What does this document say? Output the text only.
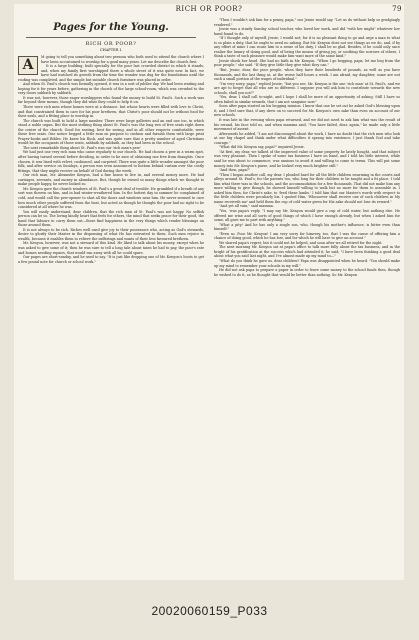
RICH OR POOR?	79
Pages for the Young.
RICH OR POOR?
CHAPTER I.
A	M going to tell you something about two persons who both used to attend the church where I have been accustomed to worship for a good many years. Let me describe the church first.

It is a large building, built specially for the poor last crowded district in which it stands; and, when my family first worshipped there a whole street of it was quite new. In fact, we have had watched its growth from the time the wonder was dug for the foundations until the roofing was completed, and the simple but suitable church furniture was placed in order.

And when St. Paul's church was formally opened, it was in a sort of jubilee day. We had been waiting and hoping for it for years before, gathering in the church of the large school-room, which was crowded to the very doors sabbath by sabbath.

It was not, however, those eager worshippers who found the money to build St. Paul's. Such a work was far beyond their means, though they did what they could to help it on.

There were rich men whose homes were at a distance, but whose hearts were filled with love to Christ, and that constrained them to care for his poor brethren, that Christ's poor should not be without food for their souls, and a fitting place to worship in.

The church was built to hold a large number. There were large galleries and an end one too, in which stood a noble organ. But the most striking thing about St. Paul's was the long row of free seats right down the centre of the church. Good for seating, best for seeing, and in all other respects comfortable, were these free seats. One notice begged a little sum on purpose to cushion and furnish them with large print Prayer-books and Bibles. He knew his flock, and was quite sure that a pretty number of aged Christians would be the occupants of those seats, sabbath by sabbath, as they had been in the school.

The next remarkable thing about St. Paul's was our 'rich man's pew.'

We had just one very rich man who came regularly to our church. He had chosen a pew in a warm spot, after having turned several before deciding, in order to be sure of obtaining one free from draughts. Once chosen, it was lined with velvet, cushioned, and carpeted. There was quite a little wonder amongst the poor folk, and after service on Sundays, a person was even announced to bottom behind curtain over the costly fittings, that they might receive on behalf of God during the week.

Our rich man, Mr. Alexander Kenyon, had a fine house to live in, and several money more. He had carriages, servants, and money in abundance. But, though he owned so many things which we thought to make people happy, he never looked so.

Mr. Kenyon gave the church windows of St. Paul's a great deal of trouble. He grumbled if a breath of any sort was thrown on him, and in bad winter-weathered him. In the hottest day in summer he complained of cold, and would call the pew-opener to shut all the doors and windows near him. He never seemed to care how much other people suffered from the heat, but acted as though he thought the poor had no right to be considered at all where he was.

You will easily understand, dear children, that the rich man of St. Paul's was not happy. No selfish person can be so. The loving kindly heart that feels for others, the mind that seeks peace for their good, the hand that labours to carry them out—these find happiness in the very things which render blessings on those around them.

It is not always to be rich. Riches well used give joy to their possessors who, acting as God's stewards, desire to glorify their Master in the dispensing of what He has entrusted to them. Such men rejoice in wealth, because it enables them to relieve the sufferings and wants of their less favoured brethren.

Mr. Kenyon, however, was not a steward of this kind. He liked to talk about his money, except when he was asked to give some of it; then he was sure to tell a long tale about taxes he had to pay, the poor's rate and homes needing repairs, that would run away with all he could spare.

Our pages are short-sunday, and he used to say, "It is just like dropping one of Mr. Kenyon's boots to get a few pound note for church or school work."

"Then I wouldn't ask him for a penny, papa," our Jessie would say. "Let us do without help so grudgingly rendered."

Jessie was a sturdy Sunday school teacher, who loved her work, and did "with her might" whatever her hand found to do.

"If I thought only of myself, Jessie, I would not; for it is no pleasant thing to go and urge a man to what is so plain a duty, that he ought to need no asking. But Mr. Kenyon does not see things as we do, and, if by any effort of mine I can rouse him to a sense of his duty, I shall be so glad. Besides, if he could only once realize the luxury of doing good, and of being the means of giving joy, or soothing the sorrows of others, I think a taste of such pleasure would make him want more of the same kind."

Jessie shook her head. She had no faith in Mr. Kenyon. "When I go begging, papa, let me beg from the poor people," she said. "If they give little they give what they can."

"But, Jessie, dear, the poor people, when they have their hundreds of pounds, as well as you have thousands, and the last thing at, at the worse half hours a week. I am afraid, my daughter, some are not such a small portion of the wages of individual."

"I'm very sorry, papa," replied Jessie; "but you see, Mr. Kenyon is the one 'rich man' at St. Paul's, and we are apt to forget that all who are so different. I suppose you will ask him to contribute towards the new schools, shall you not?"

"Yes, dear. I shall call to-night, and I hope I shall be more of an opportunity of asking. Still I have so often failed in similar errands, that I am not sanguine now."

Soon after papa started on his begging mission. I know that one he set out he asked God's blessing upon it, and I feel sure that, if any drew on to succeed for Mr. Kenyon's own sake than even on account of our new schools.

It was late in the evening when papa returned, and we did not need to ask him what was the result of his errand, his face told us, and when mamma said, "You have failed, dear, again," he made only a little movement of assent.

Afterwards he added, "I am not discouraged about the work, I have no doubt that the rich men who look at our big chapel and think under what difficulties it sprang into existence, I just thank God and take courage."

"What did Mr. Kenyon say, papa?" inquired Jessie.

"At first, my dear, we talked of the improved value of some property he lately bought, and that subject was very pleasant. Then I spoke of some tax business I have on hand, and I told his little interest, while said he was about to commence, was anxious to avoid it and willing to come to terms. This will put some money into Mr. Kenyon's purse, and he looked very much brighter still."

"And then, papa?"

"Then I began another call, my dear. I pleaded hard for all the little children swarming in the courts and alleys around St. Paul's; for the parents too, who long for their children to be taught and a fit place. I told him what there was in the schools, and the accommodation for a few thousands. That did not make him any more willing to give though, he showed himself willing to walk but no more for them to assemble in. I asked him then, for Christ's sake, to 'feed these lambs.' I told him that our Master's words with respect to the little children were peculiarly his. I quoted Him, 'Whosoever shall receive one of such children in My name receiveth me' and held them the cup of cold water given for His sake should not lose its reward."

"And yet all vain," said mamma.

"Yes, 'was papa's reply. "I may say Mr. Kenyon would give a cup of cold water, but nothing else. He offered me wine and all sorts of good things of which I have enough already, but when I asked him for some, all gave me to part with anything."

"What a pity! And he has only a single son, who, though his mother's influence, is bitter even than himself."

"Even so. Poor Mr. Kenyon! I am very sorry for himvery, too, that I was the cause of offering him a chance of doing good, which he has lost, and for which he will have to give an account."

We shared papa's regret, but it could not be helped, and soon after we all retired for the night.

The next morning Mr. Kenyon sat at papa's office to talk more fully about the tax business, and in the bright of his gratification at the success which had attended it, he said, "I have been thinking a good deal about what you said last night, and I've almost made up my mind to—"

"What do you think he gave us, dear children? Papa was disappointed when he heard. "You should make up my mind to remember your schools in my will."

He did not ask papa to prepare a paper in order to leave some money to the school funds then, though he wished to do it, as he thought that would be better than nothing. So Mr. Kenyon

20020060159_P033
